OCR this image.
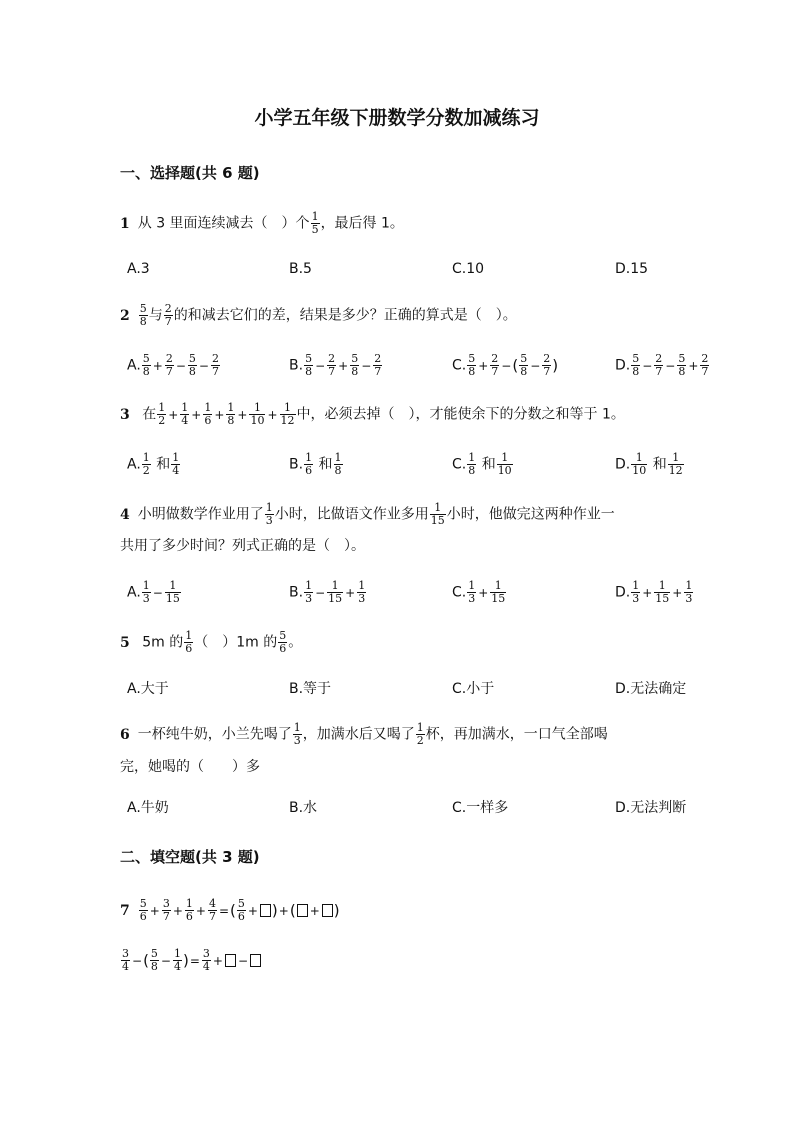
小学五年级下册数学分数加减练习
一、选择题(共 6 题)
1 从 3 里面连续减去（　）个 $\frac{1}{5}$ ，最后得 1。
A.3	B.5	C.10	D.15
$2 \frac{5}{8}$ 与 $\frac{2}{7}$ 的和减去它们的差，结果是多少？正确的算式是（　）。
A. $\frac{5}{8} + \frac{2}{7} - \frac{5}{8} - \frac{2}{7}$	B. $\frac{5}{8} - \frac{2}{7} + \frac{5}{8} - \frac{2}{7}$	C. $\frac{5}{8} + \frac{2}{7}$ −( $\frac{5}{8} - \frac{2}{7}$ )	D. $\frac{5}{8} - \frac{2}{7} - \frac{5}{8} + \frac{2}{7}$
3 在 $\frac{1}{2} + \frac{1}{4} + \frac{1}{6} + \frac{1}{8} + \frac{1}{10} + \frac{1}{12}$ 中，必须去掉（　），才能使余下的分数之和等于 1。
A. $\frac{1}{2}$ 和 $\frac{1}{4}$	B. $\frac{1}{6}$ 和 $\frac{1}{8}$	C. $\frac{1}{8}$ 和 $\frac{1}{10}$	D. $\frac{1}{10}$ 和 $\frac{1}{12}$
4 小明做数学作业用了 $\frac{1}{3}$ 小时，比做语文作业多用 $\frac{1}{15}$ 小时，他做完这两种作业一
共用了多少时间？列式正确的是（　）。
A. $\frac{1}{3} - \frac{1}{15}$	B. $\frac{1}{3} - \frac{1}{15} + \frac{1}{3}$	C. $\frac{1}{3} + \frac{1}{15}$	D. $\frac{1}{3} + \frac{1}{15} + \frac{1}{3}$
5 5m 的 $\frac{1}{6}$ （　）1m 的 $\frac{5}{6}$ 。
A.大于	B.等于	C.小于	D.无法确定
6 一杯纯牛奶，小兰先喝了 $\frac{1}{3}$ ，加满水后又喝了 $\frac{1}{2}$ 杯，再加满水，一口气全部喝
完，她喝的（　　）多
A.牛奶	B.水	C.一样多	D.无法判断
二、填空题(共 3 题)
$7 \frac{5}{6} + \frac{3}{7} + \frac{1}{6} + \frac{4}{7}$ =( $\frac{5}{6}$ + )+( + )
$\frac{3}{4}$ −( $\frac{5}{8} - \frac{1}{4}$ )= $\frac{3}{4}$ + −
